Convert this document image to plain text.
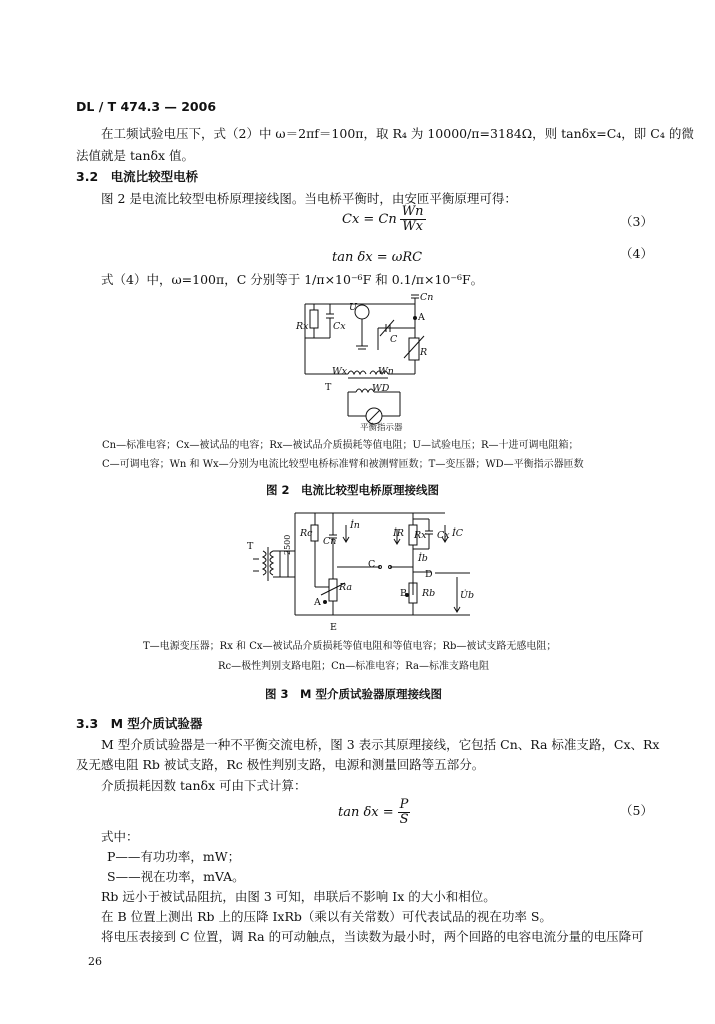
DL / T 474.3 — 2006
在工频试验电压下，式（2）中 ω＝2πf＝100π，取 R₄ 为 10000/π=3184Ω，则 tanδx=C₄，即 C₄ 的微
法值就是 tanδx 值。
3.2　电流比较型电桥
图 2 是电流比较型电桥原理接线图。当电桥平衡时，由安匝平衡原理可得：
Cx = Cn $\frac{Wn}{Wx}$	（3）
tan δx = ωRC	（4）
式（4）中，ω=100π，C 分别等于 1/π×10⁻⁶F 和 0.1/π×10⁻⁶F。
U
Cn
Rx	Cx
A
C
R
Wx	Wn
T	WD
平衡指示器
Cn—标准电容；Cx—被试品的电容；Rx—被试品介质损耗等值电阻；U—试验电压；R—十进可调电阻箱；
C—可调电容；Wn 和 Wx—分别为电流比较型电桥标准臂和被测臂匝数；T—变压器；WD—平衡指示器匝数
图 2　电流比较型电桥原理接线图
T	2500
Rc
Cn
İn
İR Rx Cx İC
C
İb
D
Ra
A
B Rb	U̇b
E
T—电源变压器；Rx 和 Cx—被试品介质损耗等值电阻和等值电容；Rb—被试支路无感电阻；
Rc—极性判别支路电阻；Cn—标准电容；Ra—标准支路电阻
图 3　M 型介质试验器原理接线图
3.3　M 型介质试验器
M 型介质试验器是一种不平衡交流电桥，图 3 表示其原理接线，它包括 Cn、Ra 标准支路，Cx、Rx
及无感电阻 Rb 被试支路，Rc 极性判别支路，电源和测量回路等五部分。
介质损耗因数 tanδx 可由下式计算：
$\tan \delta x = \frac{P}{S}$	（5）
式中：
P——有功功率，mW；
S——视在功率，mVA。
Rb 远小于被试品阻抗，由图 3 可知，串联后不影响 Ix 的大小和相位。
在 B 位置上测出 Rb 上的压降 IxRb（乘以有关常数）可代表试品的视在功率 S。
将电压表接到 C 位置，调 Ra 的可动触点，当读数为最小时，两个回路的电容电流分量的电压降可
26
